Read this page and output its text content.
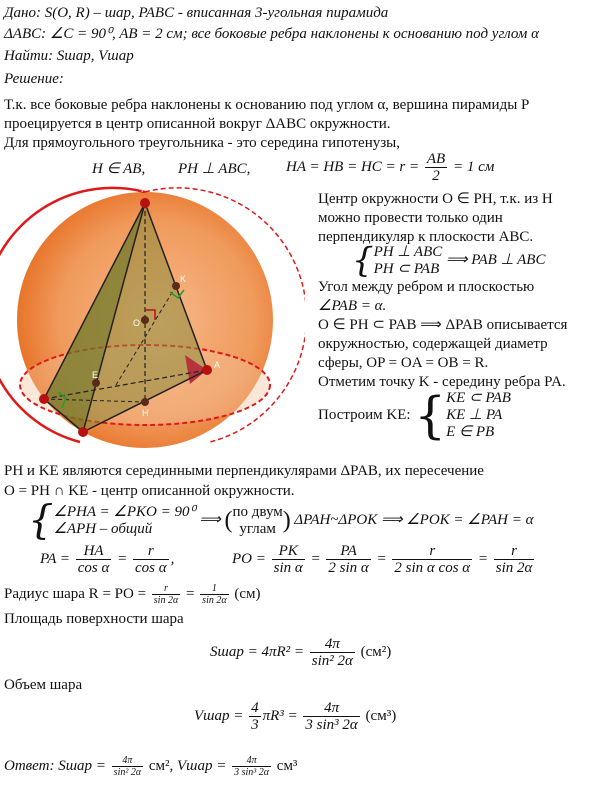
Дано: S(O, R) – шар, PABC - вписанная 3-угольная пирамида
ΔABC: ∠C = 90⁰, AB = 2 см; все боковые ребра наклонены к основанию под углом α
Найти: Sшар, Vшар
Решение:
Т.к. все боковые ребра наклонены к основанию под углом α, вершина пирамиды P
проецируется в центр описанной вокруг ΔABC окружности.
Для прямоугольного треугольника - это середина гипотенузы,
H ∈ AB, PH ⊥ ABC, HA = HB = HC = $r = \frac{AB}{2} = 1$ см
Центр окружности O ∈ PH, т.к. из H
можно провести только один
перпендикуляр к плоскости ABC.
{ PH ⊥ ABC
PH ⊂ PAB
⟹ PAB ⊥ ABC
Угол между ребром и плоскостью
∠PAB = α.
O ∈ PH ⊂ PAB ⟹ ΔPAB описывается
окружностью, содержащей диаметр
сферы, OP = OA = OB = R.
Отметим точку K - середину ребра PA.
Построим KE: { KE ⊂ PAB
KE ⊥ PA
E ∈ PB
P
A
C
B
O
H
K
E
PH и KE являются серединными перпендикулярами ΔPAB, их пересечение
O = PH ∩ KE - центр описанной окружности.
{ ∠PHA = ∠PKO = 90⁰
∠APH – общий
⟹ ( по двум
углам ) ΔPAH~ΔPOK ⟹ ∠POK = ∠PAH = α
PA = $\frac{HA}{\text{cos α}} = \frac{r}{\text{cos α}}$ ,	PO = $\frac{PK}{\text{sin α}} = \frac{PA}{\text{2 sin α}} = \frac{r}{\text{2 sin α cos α}} = \frac{r}{\sin 2\alpha}$
Радиус шара R = PO = $\frac{r}{\sin 2\alpha} = \frac{1}{\sin 2\alpha} (см)$
Площадь поверхности шара
Sшар = $4\pi R^2 = \frac{4\pi}{\text{sin² 2α}} (см^2)$
Объем шара
Vшар = $\frac{4}{3} \pi R^3 = \frac{4\pi}{\text{3 sin³ 2α}} (см^3)$
Ответ: Sшар = $\frac{4\pi}{\text{sin² 2α}} см^2$, Vшар = $\frac{4\pi}{\text{3 sin³ 2α}} см^3$
